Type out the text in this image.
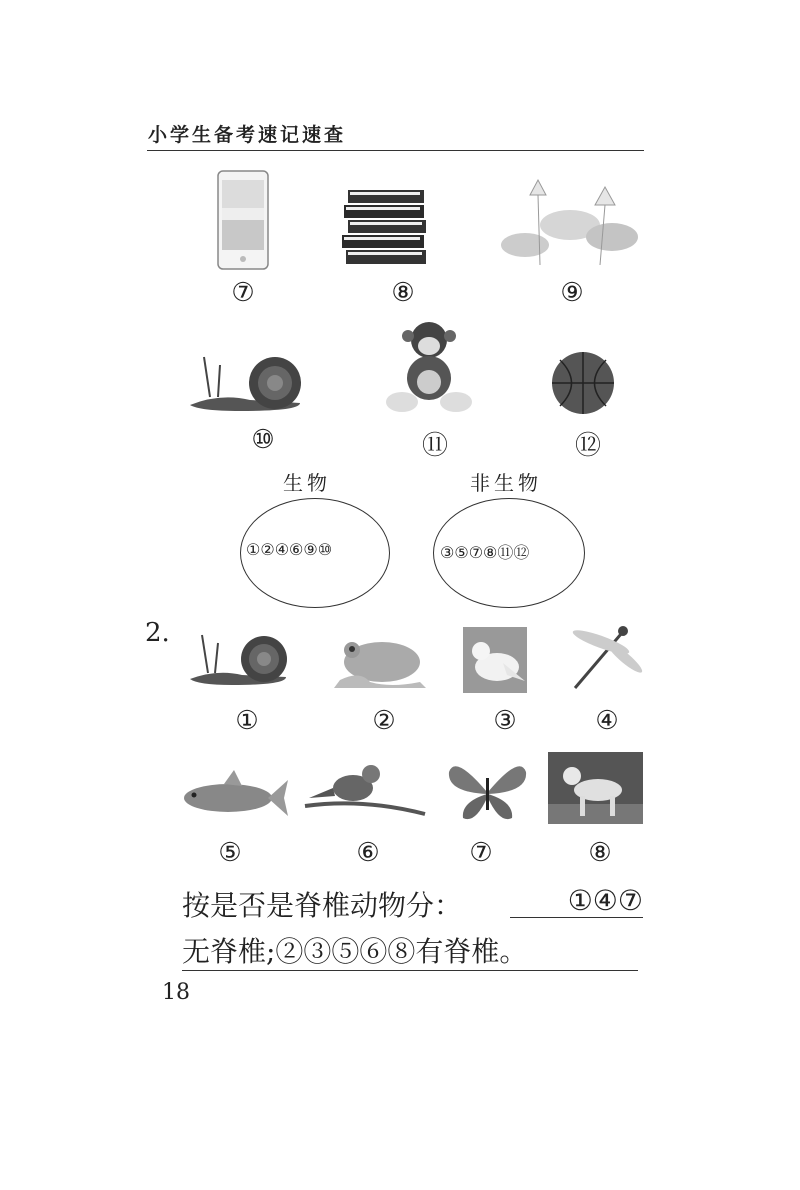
小学生备考速记速查
⑦	⑧	⑨
⑩	⑪	⑫
生物	非生物
①②④⑥⑨⑩	③⑤⑦⑧⑪⑫
2.
①	②	③	④
⑤	⑥	⑦	⑧
按是否是脊椎动物分：	①④⑦
无脊椎;②③⑤⑥⑧有脊椎。
18
